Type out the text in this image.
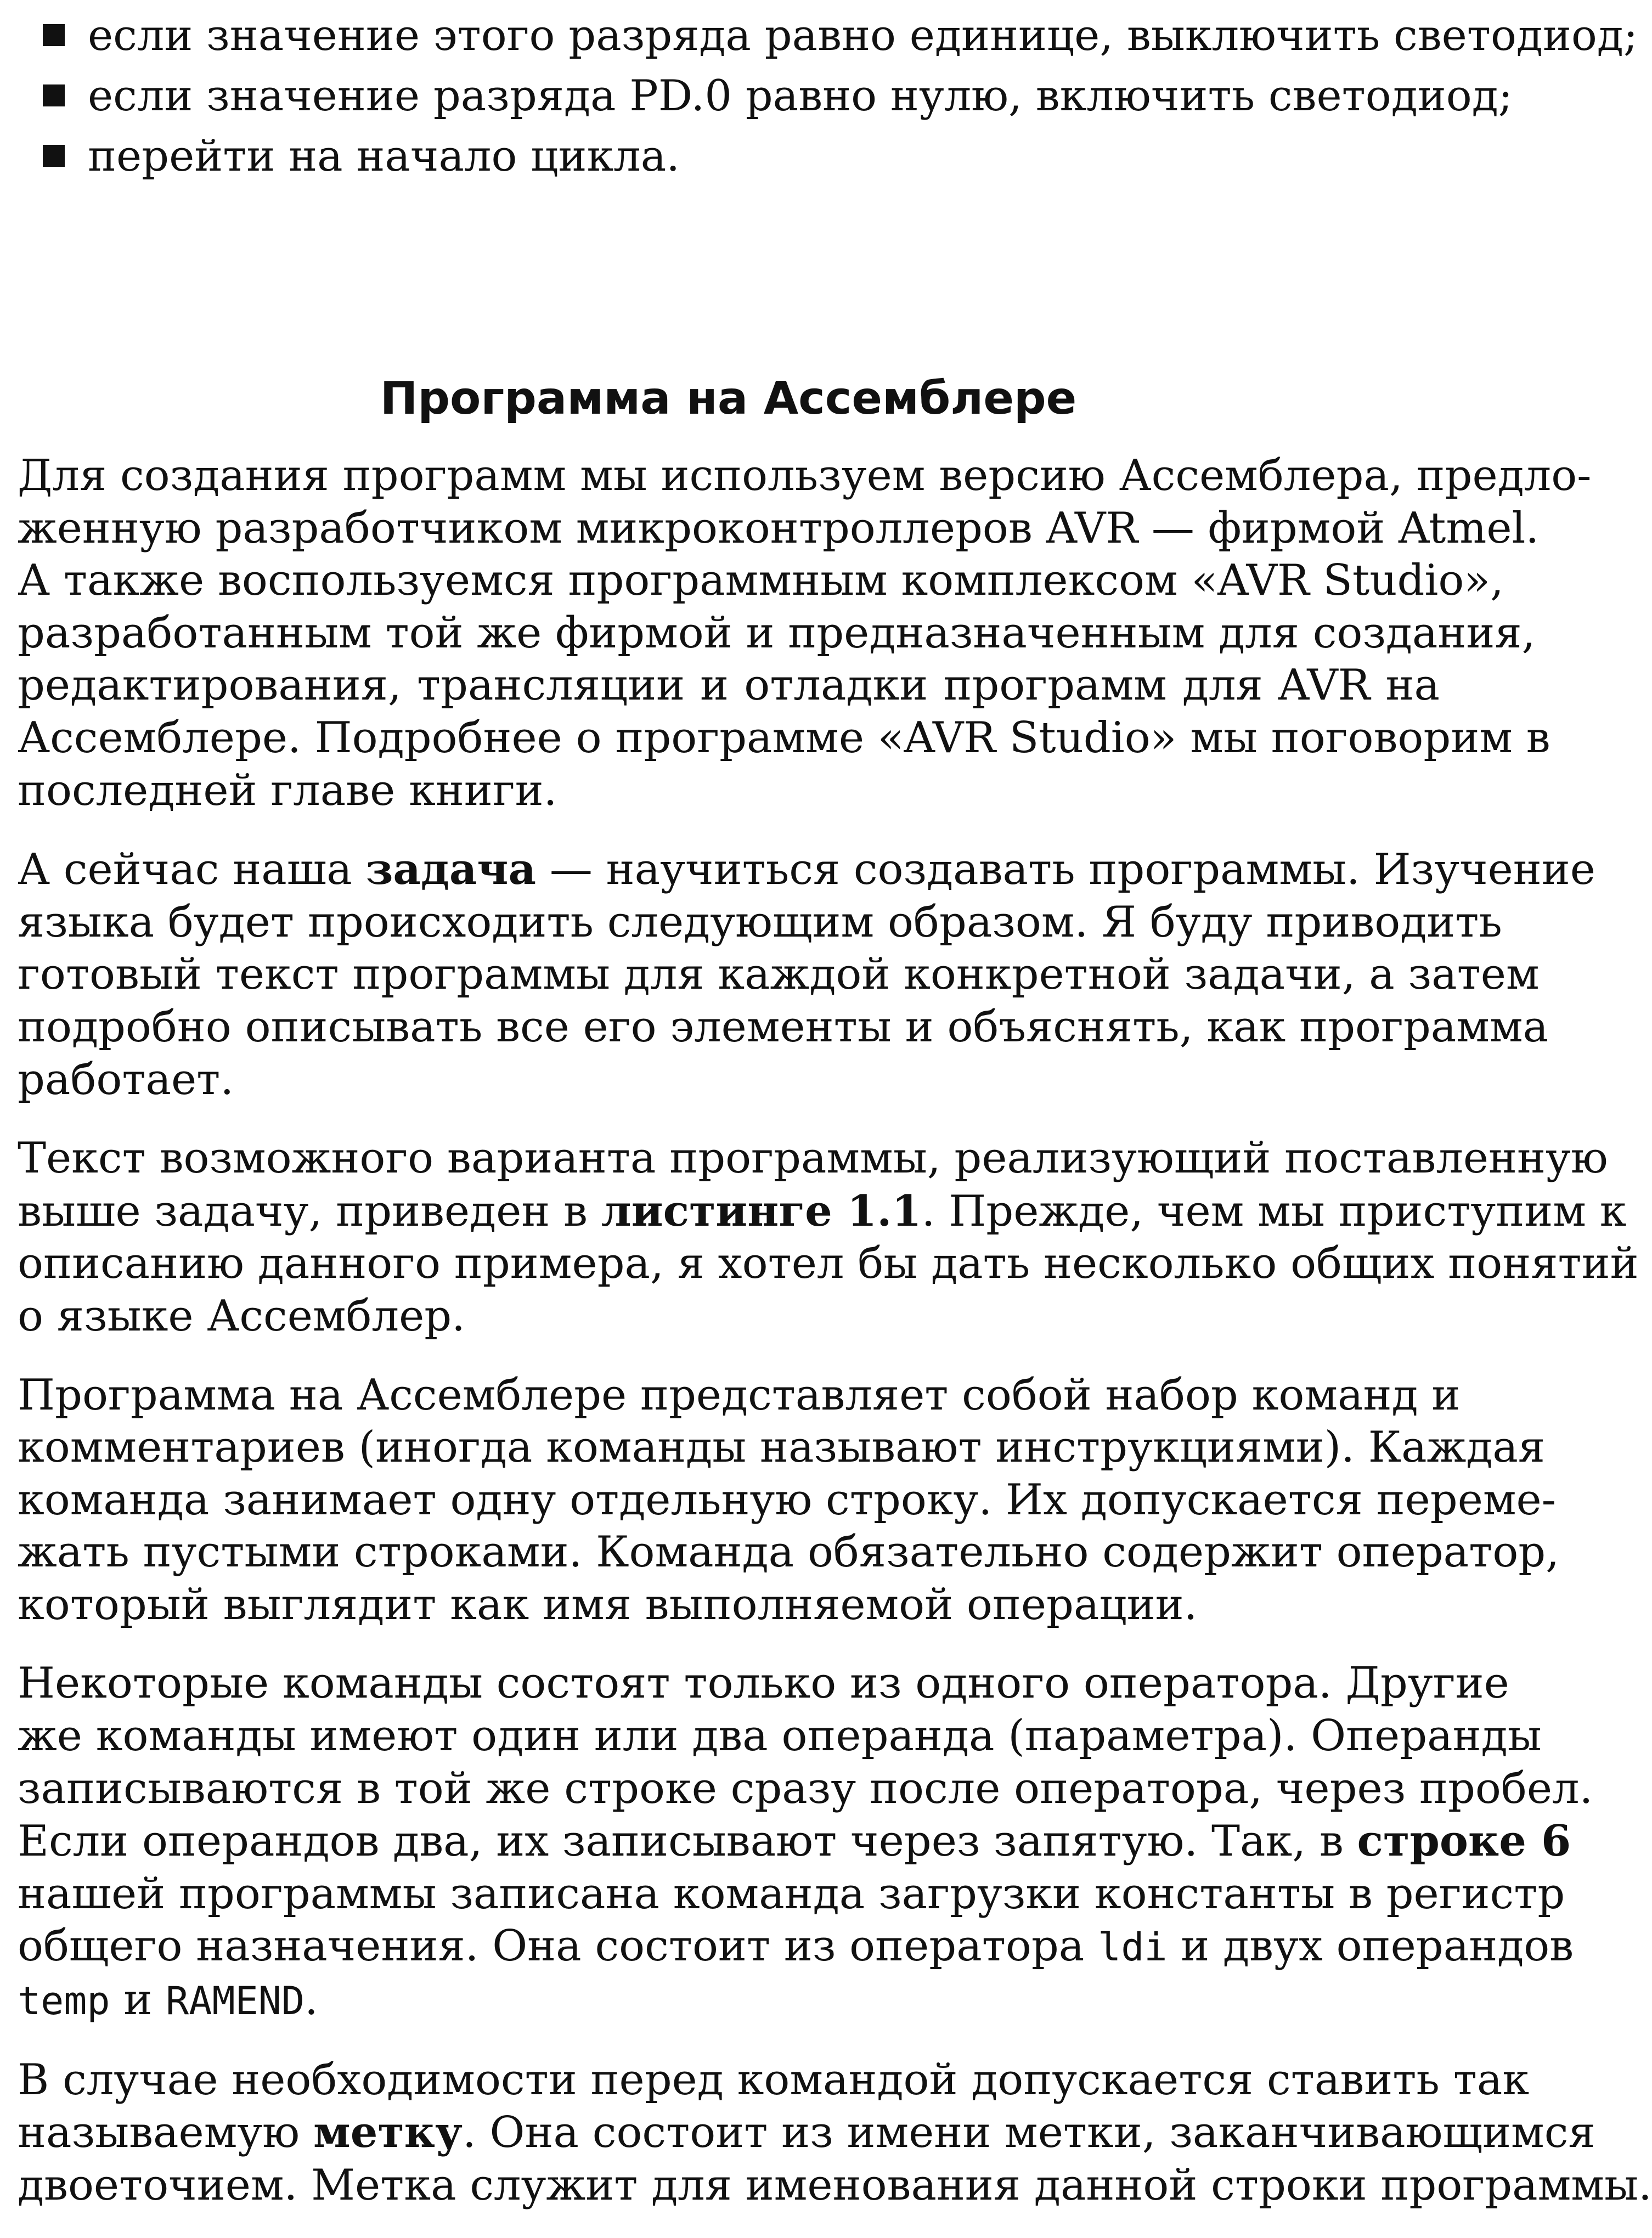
если значение этого разряда равно единице, выключить светодиод;
если значение разряда PD.0 равно нулю, включить светодиод;
перейти на начало цикла.
Программа на Ассемблере

Для создания программ мы используем версию Ассемблера, предло-
женную разработчиком микроконтроллеров AVR — фирмой Atmel.
А также воспользуемся программным комплексом «AVR Studio»,
разработанным той же фирмой и предназначенным для создания,
редактирования, трансляции и отладки программ для AVR на
Ассемблере. Подробнее о программе «AVR Studio» мы поговорим в
последней главе книги.

А сейчас наша задача — научиться создавать программы. Изучение
языка будет происходить следующим образом. Я буду приводить
готовый текст программы для каждой конкретной задачи, а затем
подробно описывать все его элементы и объяснять, как программа
работает.

Текст возможного варианта программы, реализующий поставленную
выше задачу, приведен в листинге 1.1. Прежде, чем мы приступим к
описанию данного примера, я хотел бы дать несколько общих понятий
о языке Ассемблер.

Программа на Ассемблере представляет собой набор команд и
комментариев (иногда команды называют инструкциями). Каждая
команда занимает одну отдельную строку. Их допускается переме-
жать пустыми строками. Команда обязательно содержит оператор,
который выглядит как имя выполняемой операции.

Некоторые команды состоят только из одного оператора. Другие
же команды имеют один или два операнда (параметра). Операнды
записываются в той же строке сразу после оператора, через пробел.
Если операндов два, их записывают через запятую. Так, в строке 6
нашей программы записана команда загрузки константы в регистр
общего назначения. Она состоит из оператора ldi и двух операндов
temp и RAMEND.

В случае необходимости перед командой допускается ставить так
называемую метку. Она состоит из имени метки, заканчивающимся
двоеточием. Метка служит для именования данной строки программы.
